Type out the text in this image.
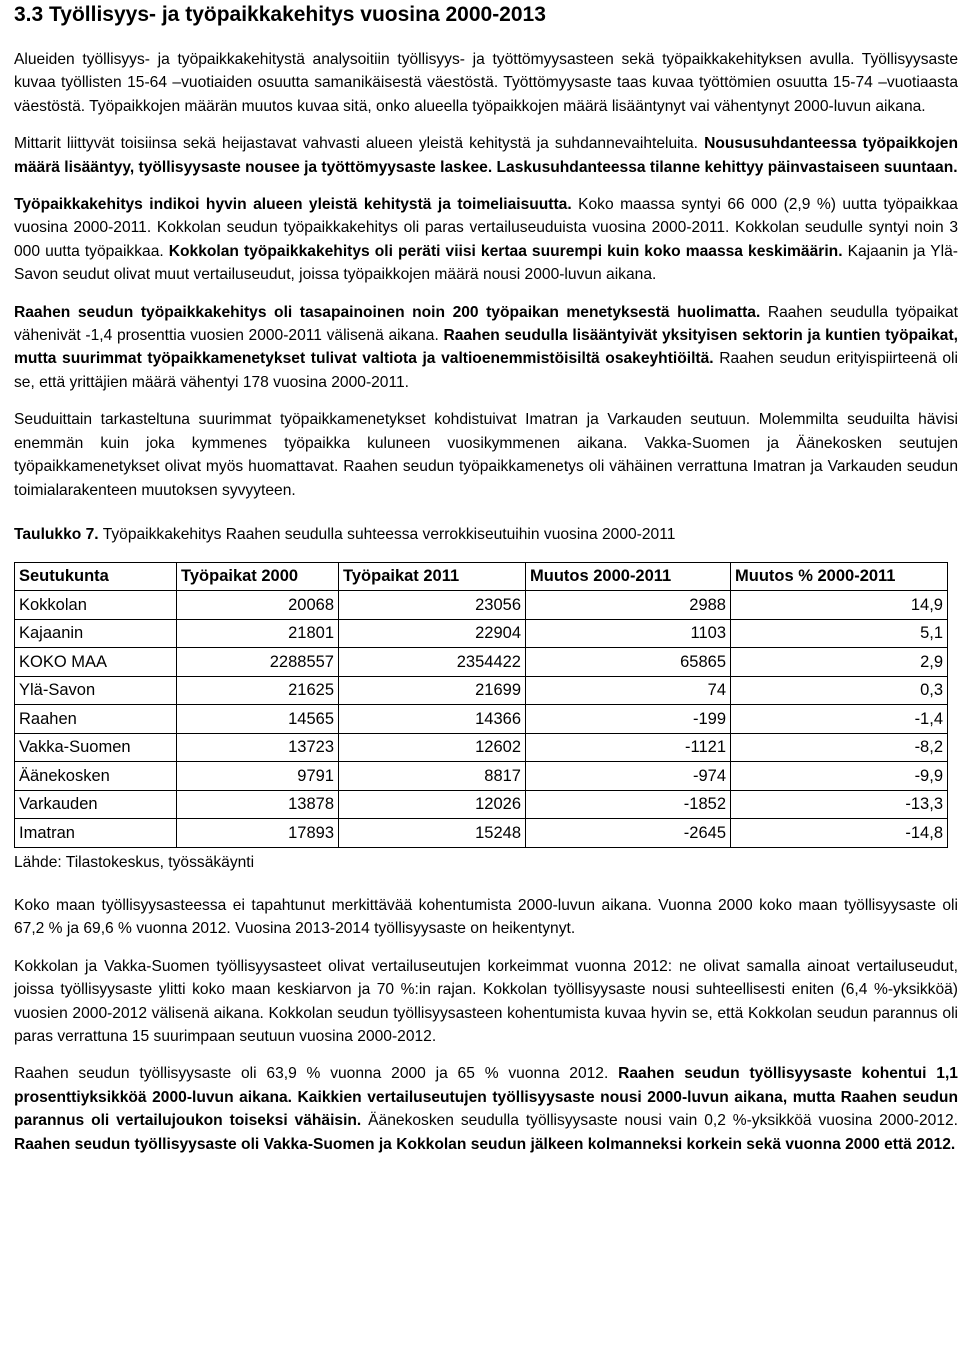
3.3 Työllisyys- ja työpaikkakehitys vuosina 2000-2013

Alueiden työllisyys- ja työpaikkakehitystä analysoitiin työllisyys- ja työttömyysasteen sekä työpaikkakehityksen avulla. Työllisyysaste kuvaa työllisten 15-64 –vuotiaiden osuutta samanikäisestä väestöstä. Työttömyysaste taas kuvaa työttömien osuutta 15-74 –vuotiaasta väestöstä. Työpaikkojen määrän muutos kuvaa sitä, onko alueella työpaikkojen määrä lisääntynyt vai vähentynyt 2000-luvun aikana.

Mittarit liittyvät toisiinsa sekä heijastavat vahvasti alueen yleistä kehitystä ja suhdannevaihteluita. Noususuhdanteessa työpaikkojen määrä lisääntyy, työllisyysaste nousee ja työttömyysaste laskee. Laskusuhdanteessa tilanne kehittyy päinvastaiseen suuntaan.

Työpaikkakehitys indikoi hyvin alueen yleistä kehitystä ja toimeliaisuutta. Koko maassa syntyi 66 000 (2,9 %) uutta työpaikkaa vuosina 2000-2011. Kokkolan seudun työpaikkakehitys oli paras vertailuseuduista vuosina 2000-2011. Kokkolan seudulle syntyi noin 3 000 uutta työpaikkaa. Kokkolan työpaikkakehitys oli peräti viisi kertaa suurempi kuin koko maassa keskimäärin. Kajaanin ja Ylä-Savon seudut olivat muut vertailuseudut, joissa työpaikkojen määrä nousi 2000-luvun aikana.

Raahen seudun työpaikkakehitys oli tasapainoinen noin 200 työpaikan menetyksestä huolimatta. Raahen seudulla työpaikat vähenivät -1,4 prosenttia vuosien 2000-2011 välisenä aikana. Raahen seudulla lisääntyivät yksityisen sektorin ja kuntien työpaikat, mutta suurimmat työpaikkamenetykset tulivat valtiota ja valtioenemmistöisiltä osakeyhtiöiltä. Raahen seudun erityispiirteenä oli se, että yrittäjien määrä vähentyi 178 vuosina 2000-2011.

Seuduittain tarkasteltuna suurimmat työpaikkamenetykset kohdistuivat Imatran ja Varkauden seutuun. Molemmilta seuduilta hävisi enemmän kuin joka kymmenes työpaikka kuluneen vuosikymmenen aikana. Vakka-Suomen ja Äänekosken seutujen työpaikkamenetykset olivat myös huomattavat. Raahen seudun työpaikkamenetys oli vähäinen verrattuna Imatran ja Varkauden seudun toimialarakenteen muutoksen syvyyteen.

Taulukko 7. Työpaikkakehitys Raahen seudulla suhteessa verrokkiseutuihin vuosina 2000-2011
Seutukunta	Työpaikat 2000	Työpaikat 2011	Muutos 2000-2011	Muutos % 2000-2011
Kokkolan	20068	23056	2988	14,9
Kajaanin	21801	22904	1103	5,1
KOKO MAA	2288557	2354422	65865	2,9
Ylä-Savon	21625	21699	74	0,3
Raahen	14565	14366	-199	-1,4
Vakka-Suomen	13723	12602	-1121	-8,2
Äänekosken	9791	8817	-974	-9,9
Varkauden	13878	12026	-1852	-13,3
Imatran	17893	15248	-2645	-14,8
Lähde: Tilastokeskus, työssäkäynti

Koko maan työllisyysasteessa ei tapahtunut merkittävää kohentumista 2000-luvun aikana. Vuonna 2000 koko maan työllisyysaste oli 67,2 % ja 69,6 % vuonna 2012. Vuosina 2013-2014 työllisyysaste on heikentynyt.

Kokkolan ja Vakka-Suomen työllisyysasteet olivat vertailuseutujen korkeimmat vuonna 2012: ne olivat samalla ainoat vertailuseudut, joissa työllisyysaste ylitti koko maan keskiarvon ja 70 %:in rajan. Kokkolan työllisyysaste nousi suhteellisesti eniten (6,4 %-yksikköä) vuosien 2000-2012 välisenä aikana. Kokkolan seudun työllisyysasteen kohentumista kuvaa hyvin se, että Kokkolan seudun parannus oli paras verrattuna 15 suurimpaan seutuun vuosina 2000-2012.

Raahen seudun työllisyysaste oli 63,9 % vuonna 2000 ja 65 % vuonna 2012. Raahen seudun työllisyysaste kohentui 1,1 prosenttiyksikköä 2000-luvun aikana. Kaikkien vertailuseutujen työllisyysaste nousi 2000-luvun aikana, mutta Raahen seudun parannus oli vertailujoukon toiseksi vähäisin. Äänekosken seudulla työllisyysaste nousi vain 0,2 %-yksikköä vuosina 2000-2012. Raahen seudun työllisyysaste oli Vakka-Suomen ja Kokkolan seudun jälkeen kolmanneksi korkein sekä vuonna 2000 että 2012.
